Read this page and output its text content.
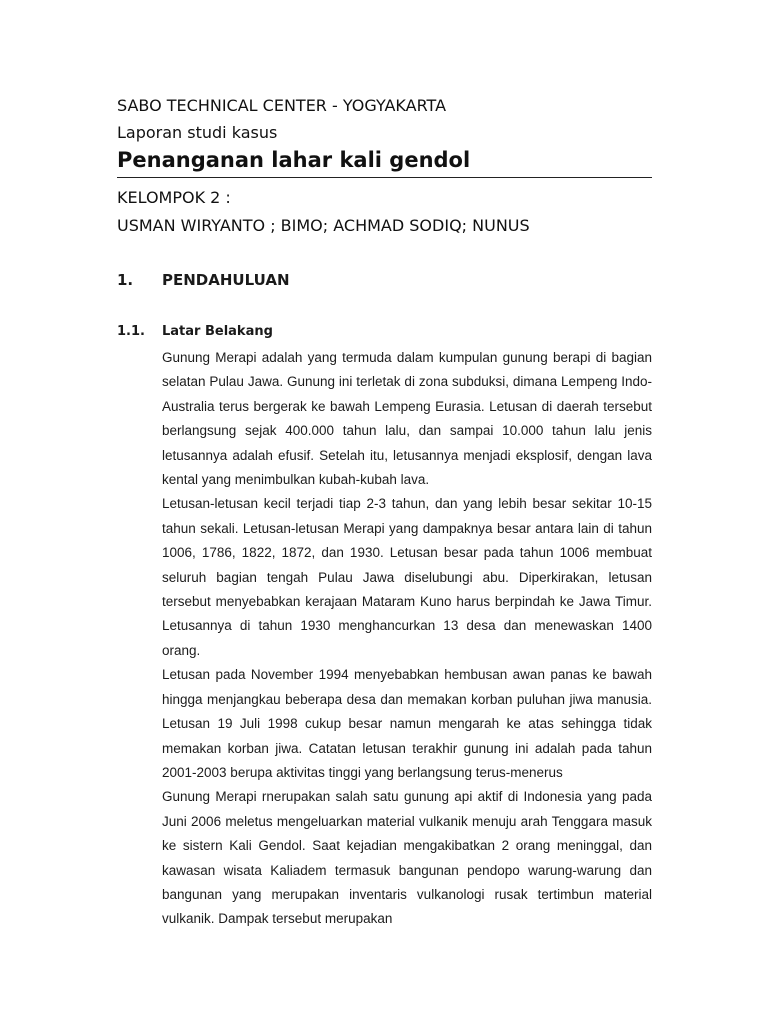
SABO TECHNICAL CENTER - YOGYAKARTA
Laporan studi kasus
Penanganan lahar kali gendol
KELOMPOK 2 :
USMAN WIRYANTO ; BIMO; ACHMAD SODIQ; NUNUS
1. PENDAHULUAN
1.1. Latar Belakang

Gunung Merapi adalah yang termuda dalam kumpulan gunung berapi di bagian selatan Pulau Jawa. Gunung ini terletak di zona subduksi, dimana Lempeng Indo-Australia terus bergerak ke bawah Lempeng Eurasia. Letusan di daerah tersebut berlangsung sejak 400.000 tahun lalu, dan sampai 10.000 tahun lalu jenis letusannya adalah efusif. Setelah itu, letusannya menjadi eksplosif, dengan lava kental yang menimbulkan kubah-kubah lava.

Letusan-letusan kecil terjadi tiap 2-3 tahun, dan yang lebih besar sekitar 10-15 tahun sekali. Letusan-letusan Merapi yang dampaknya besar antara lain di tahun 1006, 1786, 1822, 1872, dan 1930. Letusan besar pada tahun 1006 membuat seluruh bagian tengah Pulau Jawa diselubungi abu. Diperkirakan, letusan tersebut menyebabkan kerajaan Mataram Kuno harus berpindah ke Jawa Timur. Letusannya di tahun 1930 menghancurkan 13 desa dan menewaskan 1400 orang.

Letusan pada November 1994 menyebabkan hembusan awan panas ke bawah hingga menjangkau beberapa desa dan memakan korban puluhan jiwa manusia. Letusan 19 Juli 1998 cukup besar namun mengarah ke atas sehingga tidak memakan korban jiwa. Catatan letusan terakhir gunung ini adalah pada tahun 2001-2003 berupa aktivitas tinggi yang berlangsung terus-menerus

Gunung Merapi rnerupakan salah satu gunung api aktif di Indonesia yang pada Juni 2006 meletus mengeluarkan material vulkanik menuju arah Tenggara masuk ke sistern Kali Gendol. Saat kejadian mengakibatkan 2 orang meninggal, dan kawasan wisata Kaliadem termasuk bangunan pendopo warung-warung dan bangunan yang merupakan inventaris vulkanologi rusak tertimbun material vulkanik. Dampak tersebut merupakan
